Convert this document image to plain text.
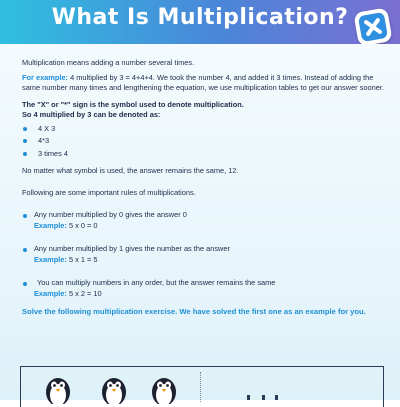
What Is Multiplication?

Multiplication means adding a number several times.

For example: 4 multiplied by 3 = 4+4+4. We took the number 4, and added it 3 times. Instead of adding the same number many times and lengthening the equation, we use multiplication tables to get our answer sooner.

The "X" or "*" sign is the symbol used to denote multiplication.

So 4 multiplied by 3 can be denoted as:

4 X 3
4*3
3 times 4

No matter what symbol is used, the answer remains the same, 12.

Following are some important rules of multiplications.

Any number multiplied by 0 gives the answer 0
Example: 5 x 0 = 0
Any number multiplied by 1 gives the number as the answer
Example: 5 x 1 = 5
You can multiply numbers in any order, but the answer remains the same
Example: 5 x 2 = 10

Solve the following multiplication exercise. We have solved the first one as an example for you.
